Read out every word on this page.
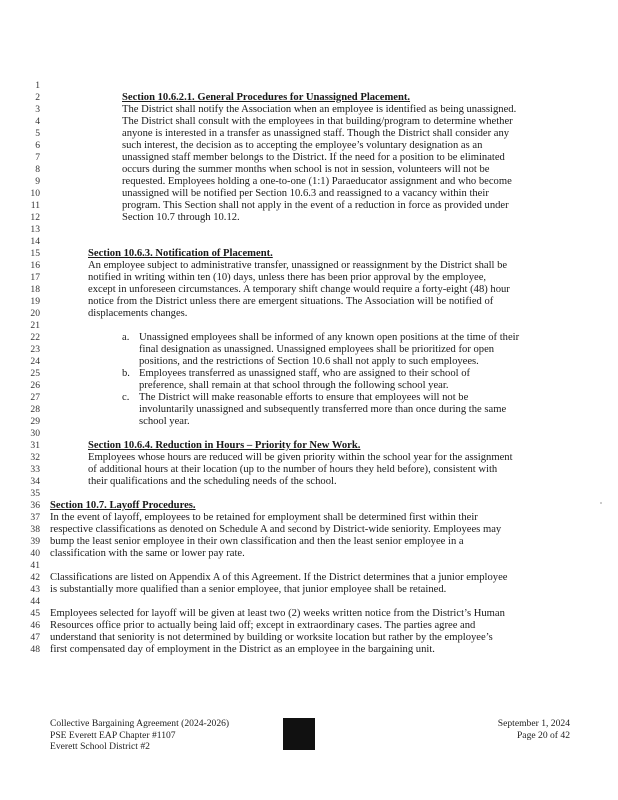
1
2
3
4
5
6
7
8
9
10
11
12
13
14
15
16
17
18
19
20
21
22
23
24
25
26
27
28
29
30
31
32
33
34
35
36
37
38
39
40
41
42
43
44
45
46
47
48
Section 10.6.2.1. General Procedures for Unassigned Placement.
The District shall notify the Association when an employee is identified as being unassigned.
The District shall consult with the employees in that building/program to determine whether
anyone is interested in a transfer as unassigned staff. Though the District shall consider any
such interest, the decision as to accepting the employee’s voluntary designation as an
unassigned staff member belongs to the District. If the need for a position to be eliminated
occurs during the summer months when school is not in session, volunteers will not be
requested. Employees holding a one-to-one (1:1) Paraeducator assignment and who become
unassigned will be notified per Section 10.6.3 and reassigned to a vacancy within their
program. This Section shall not apply in the event of a reduction in force as provided under
Section 10.7 through 10.12.
Section 10.6.3. Notification of Placement.
An employee subject to administrative transfer, unassigned or reassignment by the District shall be
notified in writing within ten (10) days, unless there has been prior approval by the employee,
except in unforeseen circumstances. A temporary shift change would require a forty-eight (48) hour
notice from the District unless there are emergent situations. The Association will be notified of
displacements changes.
a. Unassigned employees shall be informed of any known open positions at the time of their
final designation as unassigned. Unassigned employees shall be prioritized for open
positions, and the restrictions of Section 10.6 shall not apply to such employees.
b. Employees transferred as unassigned staff, who are assigned to their school of
preference, shall remain at that school through the following school year.
c. The District will make reasonable efforts to ensure that employees will not be
involuntarily unassigned and subsequently transferred more than once during the same
school year.
Section 10.6.4. Reduction in Hours – Priority for New Work.
Employees whose hours are reduced will be given priority within the school year for the assignment
of additional hours at their location (up to the number of hours they held before), consistent with
their qualifications and the scheduling needs of the school.
Section 10.7. Layoff Procedures.
In the event of layoff, employees to be retained for employment shall be determined first within their
respective classifications as denoted on Schedule A and second by District-wide seniority. Employees may
bump the least senior employee in their own classification and then the least senior employee in a
classification with the same or lower pay rate.
Classifications are listed on Appendix A of this Agreement. If the District determines that a junior employee
is substantially more qualified than a senior employee, that junior employee shall be retained.
Employees selected for layoff will be given at least two (2) weeks written notice from the District’s Human
Resources office prior to actually being laid off; except in extraordinary cases. The parties agree and
understand that seniority is not determined by building or worksite location but rather by the employee’s
first compensated day of employment in the District as an employee in the bargaining unit.
Collective Bargaining Agreement (2024-2026)
PSE Everett EAP Chapter #1107
Everett School District #2
September 1, 2024
Page 20 of 42
